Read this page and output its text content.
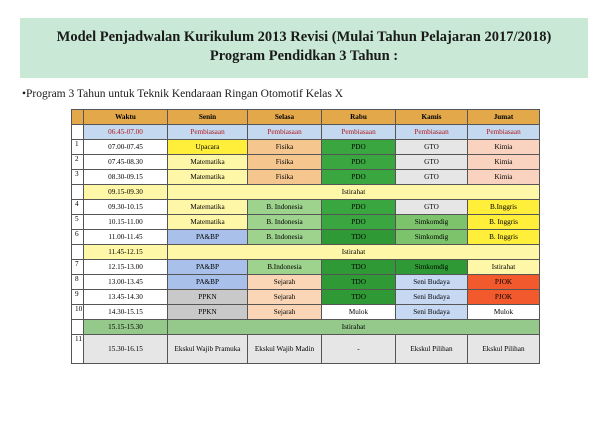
Model Penjadwalan Kurikulum 2013 Revisi (Mulai Tahun Pelajaran 2017/2018)
Program Pendidkan 3 Tahun :
•Program 3 Tahun untuk Teknik Kendaraan Ringan Otomotif Kelas X
	Waktu	Senin	Selasa	Rabu	Kamis	Jumat
	06.45-07.00	Pembiasaan	Pembiasaan	Pembiasaan	Pembiasaan	Pembiasaan
1	07.00-07.45	Upacara	Fisika	PDO	GTO	Kimia
2	07.45-08.30	Matematika	Fisika	PDO	GTO	Kimia
3	08.30-09.15	Matematika	Fisika	PDO	GTO	Kimia
	09.15-09.30	Istirahat				
4	09.30-10.15	Matematika	B. Indonesia	PDO	GTO	B.Inggris
5	10.15-11.00	Matematika	B. Indonesia	PDO	Simkomdig	B. Inggris
6	11.00-11.45	PA&BP	B. Indonesia	TDO	Simkomdig	B. Inggris
	11.45-12.15	Istirahat				
7	12.15-13.00	PA&BP	B.Indonesia	TDO	Simkomdig	Istirahat
8	13.00-13.45	PA&BP	Sejarah	TDO	Seni Budaya	PJOK
9	13.45-14.30	PPKN	Sejarah	TDO	Seni Budaya	PJOK
10	14.30-15.15	PPKN	Sejarah	Mulok	Seni Budaya	Mulok
	15.15-15.30	Istirahat				
11	15.30-16.15	Ekskul Wajib Pramuka	Ekskul Wajib Madin	-	Ekskul Pilihan	Ekskul Pilihan
